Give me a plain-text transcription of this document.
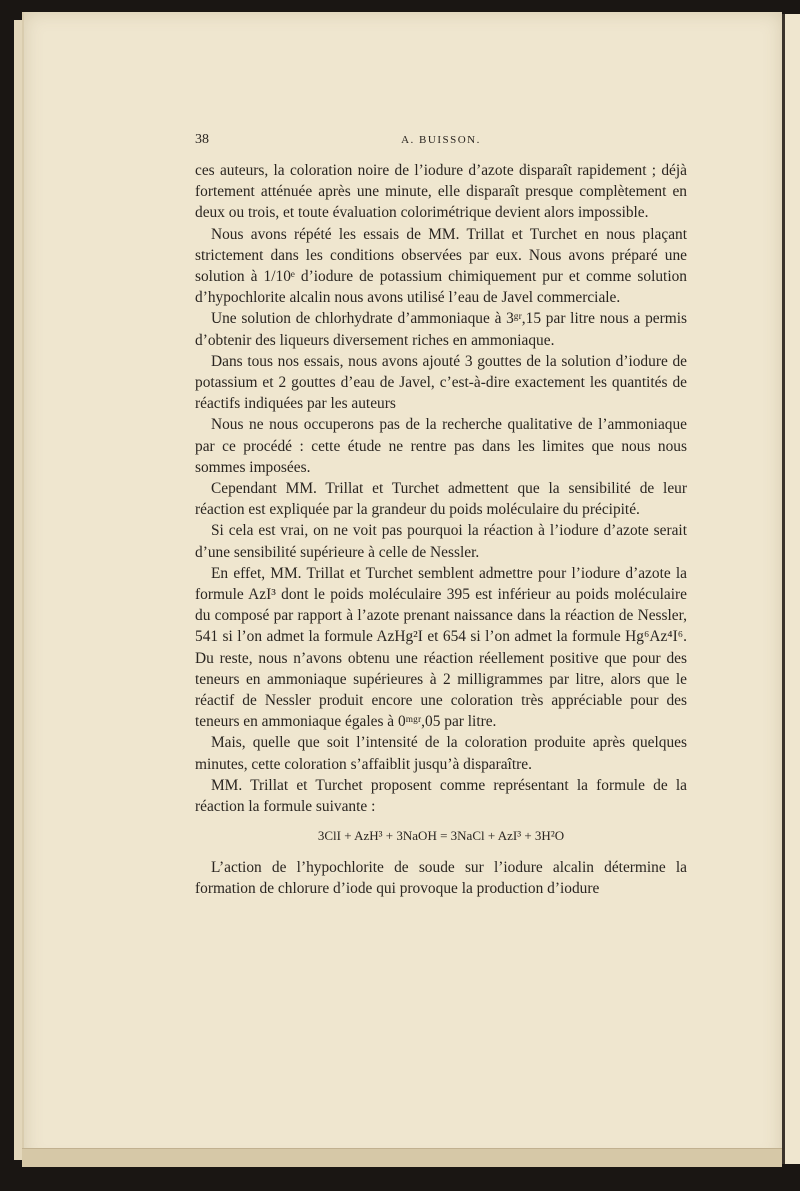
38	A. BUISSON.

ces auteurs, la coloration noire de l’iodure d’azote disparaît rapidement ; déjà fortement atténuée après une minute, elle disparaît presque complètement en deux ou trois, et toute évaluation colorimétrique devient alors impossible.

Nous avons répété les essais de MM. Trillat et Turchet en nous plaçant strictement dans les conditions observées par eux. Nous avons préparé une solution à 1/10ᵉ d’iodure de potassium chimiquement pur et comme solution d’hypochlorite alcalin nous avons utilisé l’eau de Javel commerciale.

Une solution de chlorhydrate d’ammoniaque à 3ᵍʳ,15 par litre nous a permis d’obtenir des liqueurs diversement riches en ammoniaque.

Dans tous nos essais, nous avons ajouté 3 gouttes de la solution d’iodure de potassium et 2 gouttes d’eau de Javel, c’est-à-dire exactement les quantités de réactifs indiquées par les auteurs

Nous ne nous occuperons pas de la recherche qualitative de l’ammoniaque par ce procédé : cette étude ne rentre pas dans les limites que nous nous sommes imposées.

Cependant MM. Trillat et Turchet admettent que la sensibilité de leur réaction est expliquée par la grandeur du poids moléculaire du précipité.

Si cela est vrai, on ne voit pas pourquoi la réaction à l’iodure d’azote serait d’une sensibilité supérieure à celle de Nessler.

En effet, MM. Trillat et Turchet semblent admettre pour l’iodure d’azote la formule AzI³ dont le poids moléculaire 395 est inférieur au poids moléculaire du composé par rapport à l’azote prenant naissance dans la réaction de Nessler, 541 si l’on admet la formule AzHg²I et 654 si l’on admet la formule Hg⁶Az⁴I⁶. Du reste, nous n’avons obtenu une réaction réellement positive que pour des teneurs en ammoniaque supérieures à 2 milligrammes par litre, alors que le réactif de Nessler produit encore une coloration très appréciable pour des teneurs en ammoniaque égales à 0ᵐᵍʳ,05 par litre.

Mais, quelle que soit l’intensité de la coloration produite après quelques minutes, cette coloration s’affaiblit jusqu’à disparaître.

MM. Trillat et Turchet proposent comme représentant la formule de la réaction la formule suivante :

3ClI + AzH³ + 3NaOH = 3NaCl + AzI³ + 3H²O

L’action de l’hypochlorite de soude sur l’iodure alcalin détermine la formation de chlorure d’iode qui provoque la production d’iodure
